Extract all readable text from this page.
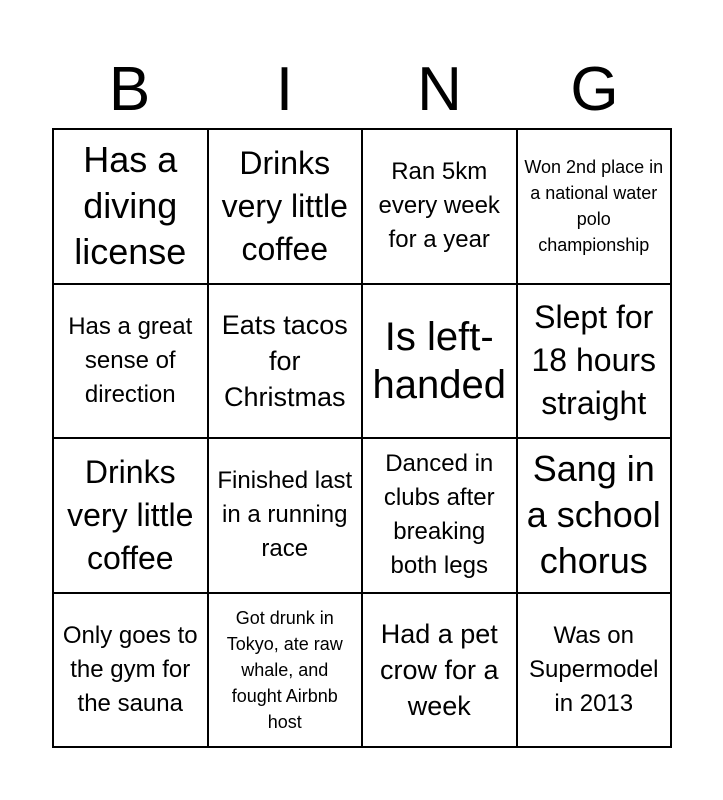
B	I	N	G
Has a diving license
Drinks very little coffee
Ran 5km every week for a year
Won 2nd place in a national water polo championship
Has a great sense of direction
Eats tacos for Christmas
Is left-handed
Slept for 18 hours straight
Drinks very little coffee
Finished last in a running race
Danced in clubs after breaking both legs
Sang in a school chorus
Only goes to the gym for the sauna
Got drunk in Tokyo, ate raw whale, and fought Airbnb host
Had a pet crow for a week
Was on Supermodel in 2013
